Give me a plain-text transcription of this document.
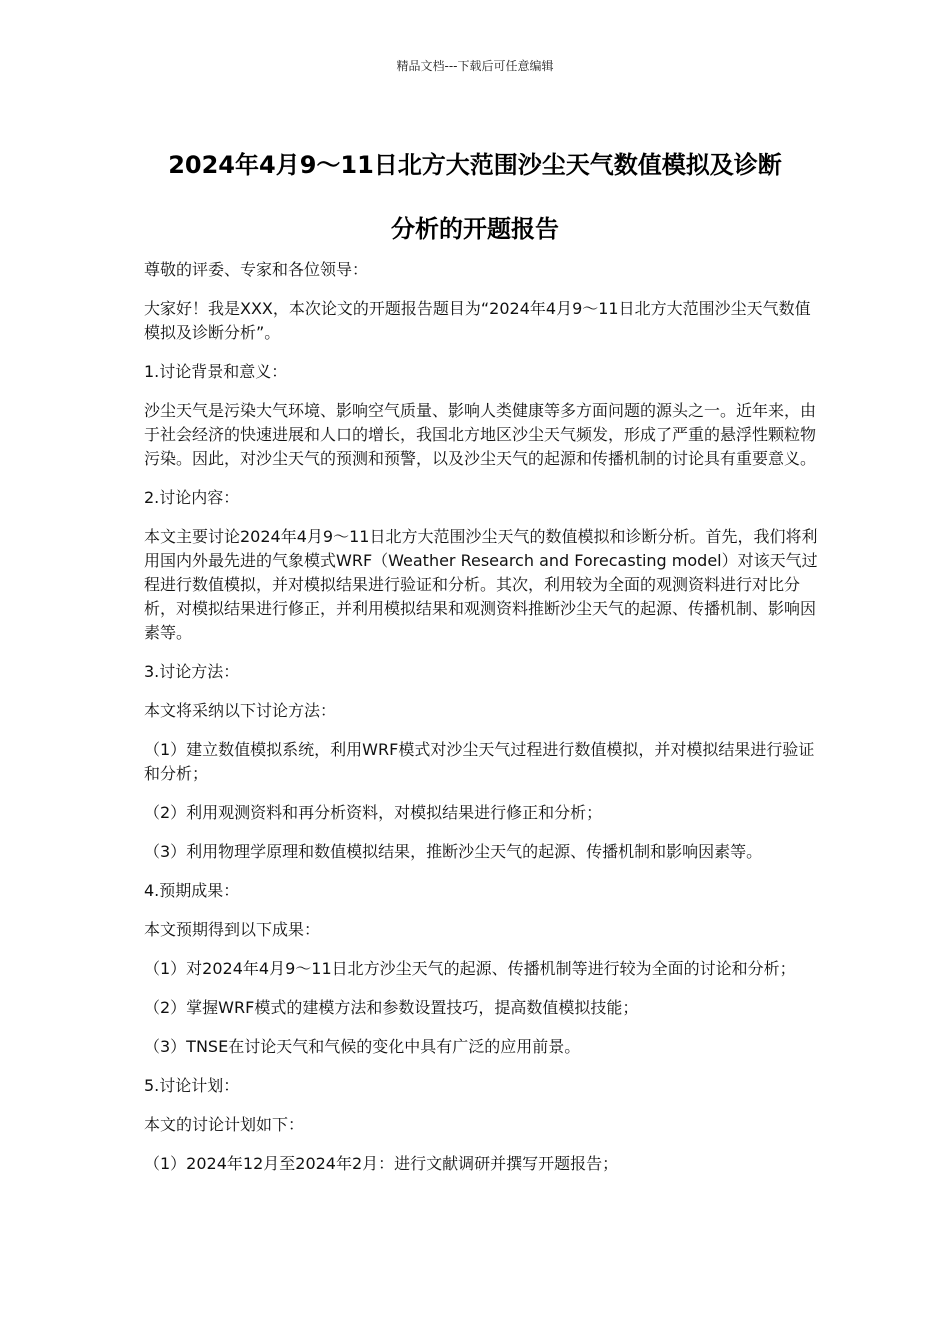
精品文档---下载后可任意编辑
2024年4月9～11日北方大范围沙尘天气数值模拟及诊断
分析的开题报告

尊敬的评委、专家和各位领导：

大家好！我是XXX，本次论文的开题报告题目为“2024年4月9～11日北方大范围沙尘天气数值模拟及诊断分析”。

1.讨论背景和意义：

沙尘天气是污染大气环境、影响空气质量、影响人类健康等多方面问题的源头之一。近年来，由于社会经济的快速进展和人口的增长，我国北方地区沙尘天气频发，形成了严重的悬浮性颗粒物污染。因此，对沙尘天气的预测和预警，以及沙尘天气的起源和传播机制的讨论具有重要意义。

2.讨论内容：

本文主要讨论2024年4月9～11日北方大范围沙尘天气的数值模拟和诊断分析。首先，我们将利用国内外最先进的气象模式WRF（Weather Research and Forecasting model）对该天气过程进行数值模拟，并对模拟结果进行验证和分析。其次，利用较为全面的观测资料进行对比分析，对模拟结果进行修正，并利用模拟结果和观测资料推断沙尘天气的起源、传播机制、影响因素等。

3.讨论方法：

本文将采纳以下讨论方法：

（1）建立数值模拟系统，利用WRF模式对沙尘天气过程进行数值模拟，并对模拟结果进行验证和分析；

（2）利用观测资料和再分析资料，对模拟结果进行修正和分析；

（3）利用物理学原理和数值模拟结果，推断沙尘天气的起源、传播机制和影响因素等。

4.预期成果：

本文预期得到以下成果：

（1）对2024年4月9～11日北方沙尘天气的起源、传播机制等进行较为全面的讨论和分析；

（2）掌握WRF模式的建模方法和参数设置技巧，提高数值模拟技能；

（3）TNSE在讨论天气和气候的变化中具有广泛的应用前景。

5.讨论计划：

本文的讨论计划如下：

（1）2024年12月至2024年2月：进行文献调研并撰写开题报告；
